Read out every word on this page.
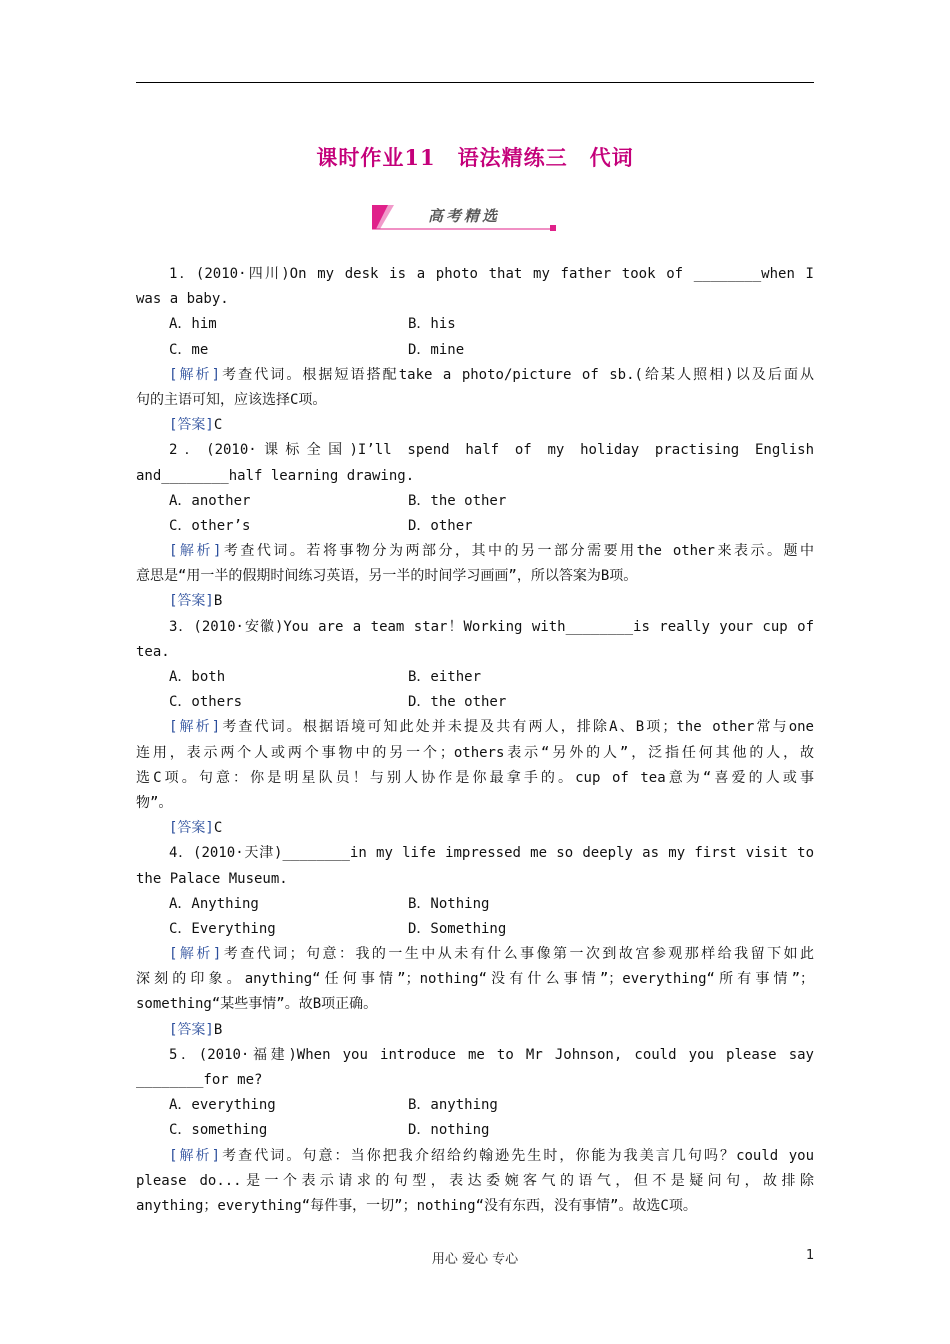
课时作业11　语法精练三　代词
高考精选
1．(2010·四川)On my desk is a photo that my father took of ________when I
was a baby.
A．him	B．his
C．me	D．mine
[解析]考查代词。根据短语搭配take a photo/picture of sb.(给某人照相)以及后面从
句的主语可知，应该选择C项。
[答案]C
2．(2010·课标全国)I’ll spend half of my holiday practising English
and________half learning drawing.
A．another	B．the other
C．other’s	D．other
[解析]考查代词。若将事物分为两部分，其中的另一部分需要用the other来表示。题中
意思是“用一半的假期时间练习英语，另一半的时间学习画画”，所以答案为B项。
[答案]B
3．(2010·安徽)You are a team star！Working with________is really your cup of
tea.
A．both	B．either
C．others	D．the other
[解析]考查代词。根据语境可知此处并未提及共有两人，排除A、B项；the other常与one
连用，表示两个人或两个事物中的另一个；others表示“另外的人”，泛指任何其他的人，故
选C项。句意：你是明星队员！与别人协作是你最拿手的。cup of tea意为“喜爱的人或事
物”。
[答案]C
4．(2010·天津)________in my life impressed me so deeply as my first visit to
the Palace Museum.
A．Anything	B．Nothing
C．Everything	D．Something
[解析]考查代词；句意：我的一生中从未有什么事像第一次到故宫参观那样给我留下如此
深刻的印象。anything“任何事情”；nothing“没有什么事情”；everything“所有事情”；
something“某些事情”。故B项正确。
[答案]B
5．(2010·福建)When you introduce me to Mr Johnson, could you please say
________for me?
A．everything	B．anything
C．something	D．nothing
[解析]考查代词。句意：当你把我介绍给约翰逊先生时，你能为我美言几句吗？could you
please do...是一个表示请求的句型，表达委婉客气的语气，但不是疑问句，故排除
anything；everything“每件事，一切”；nothing“没有东西，没有事情”。故选C项。
用心 爱心 专心	1
